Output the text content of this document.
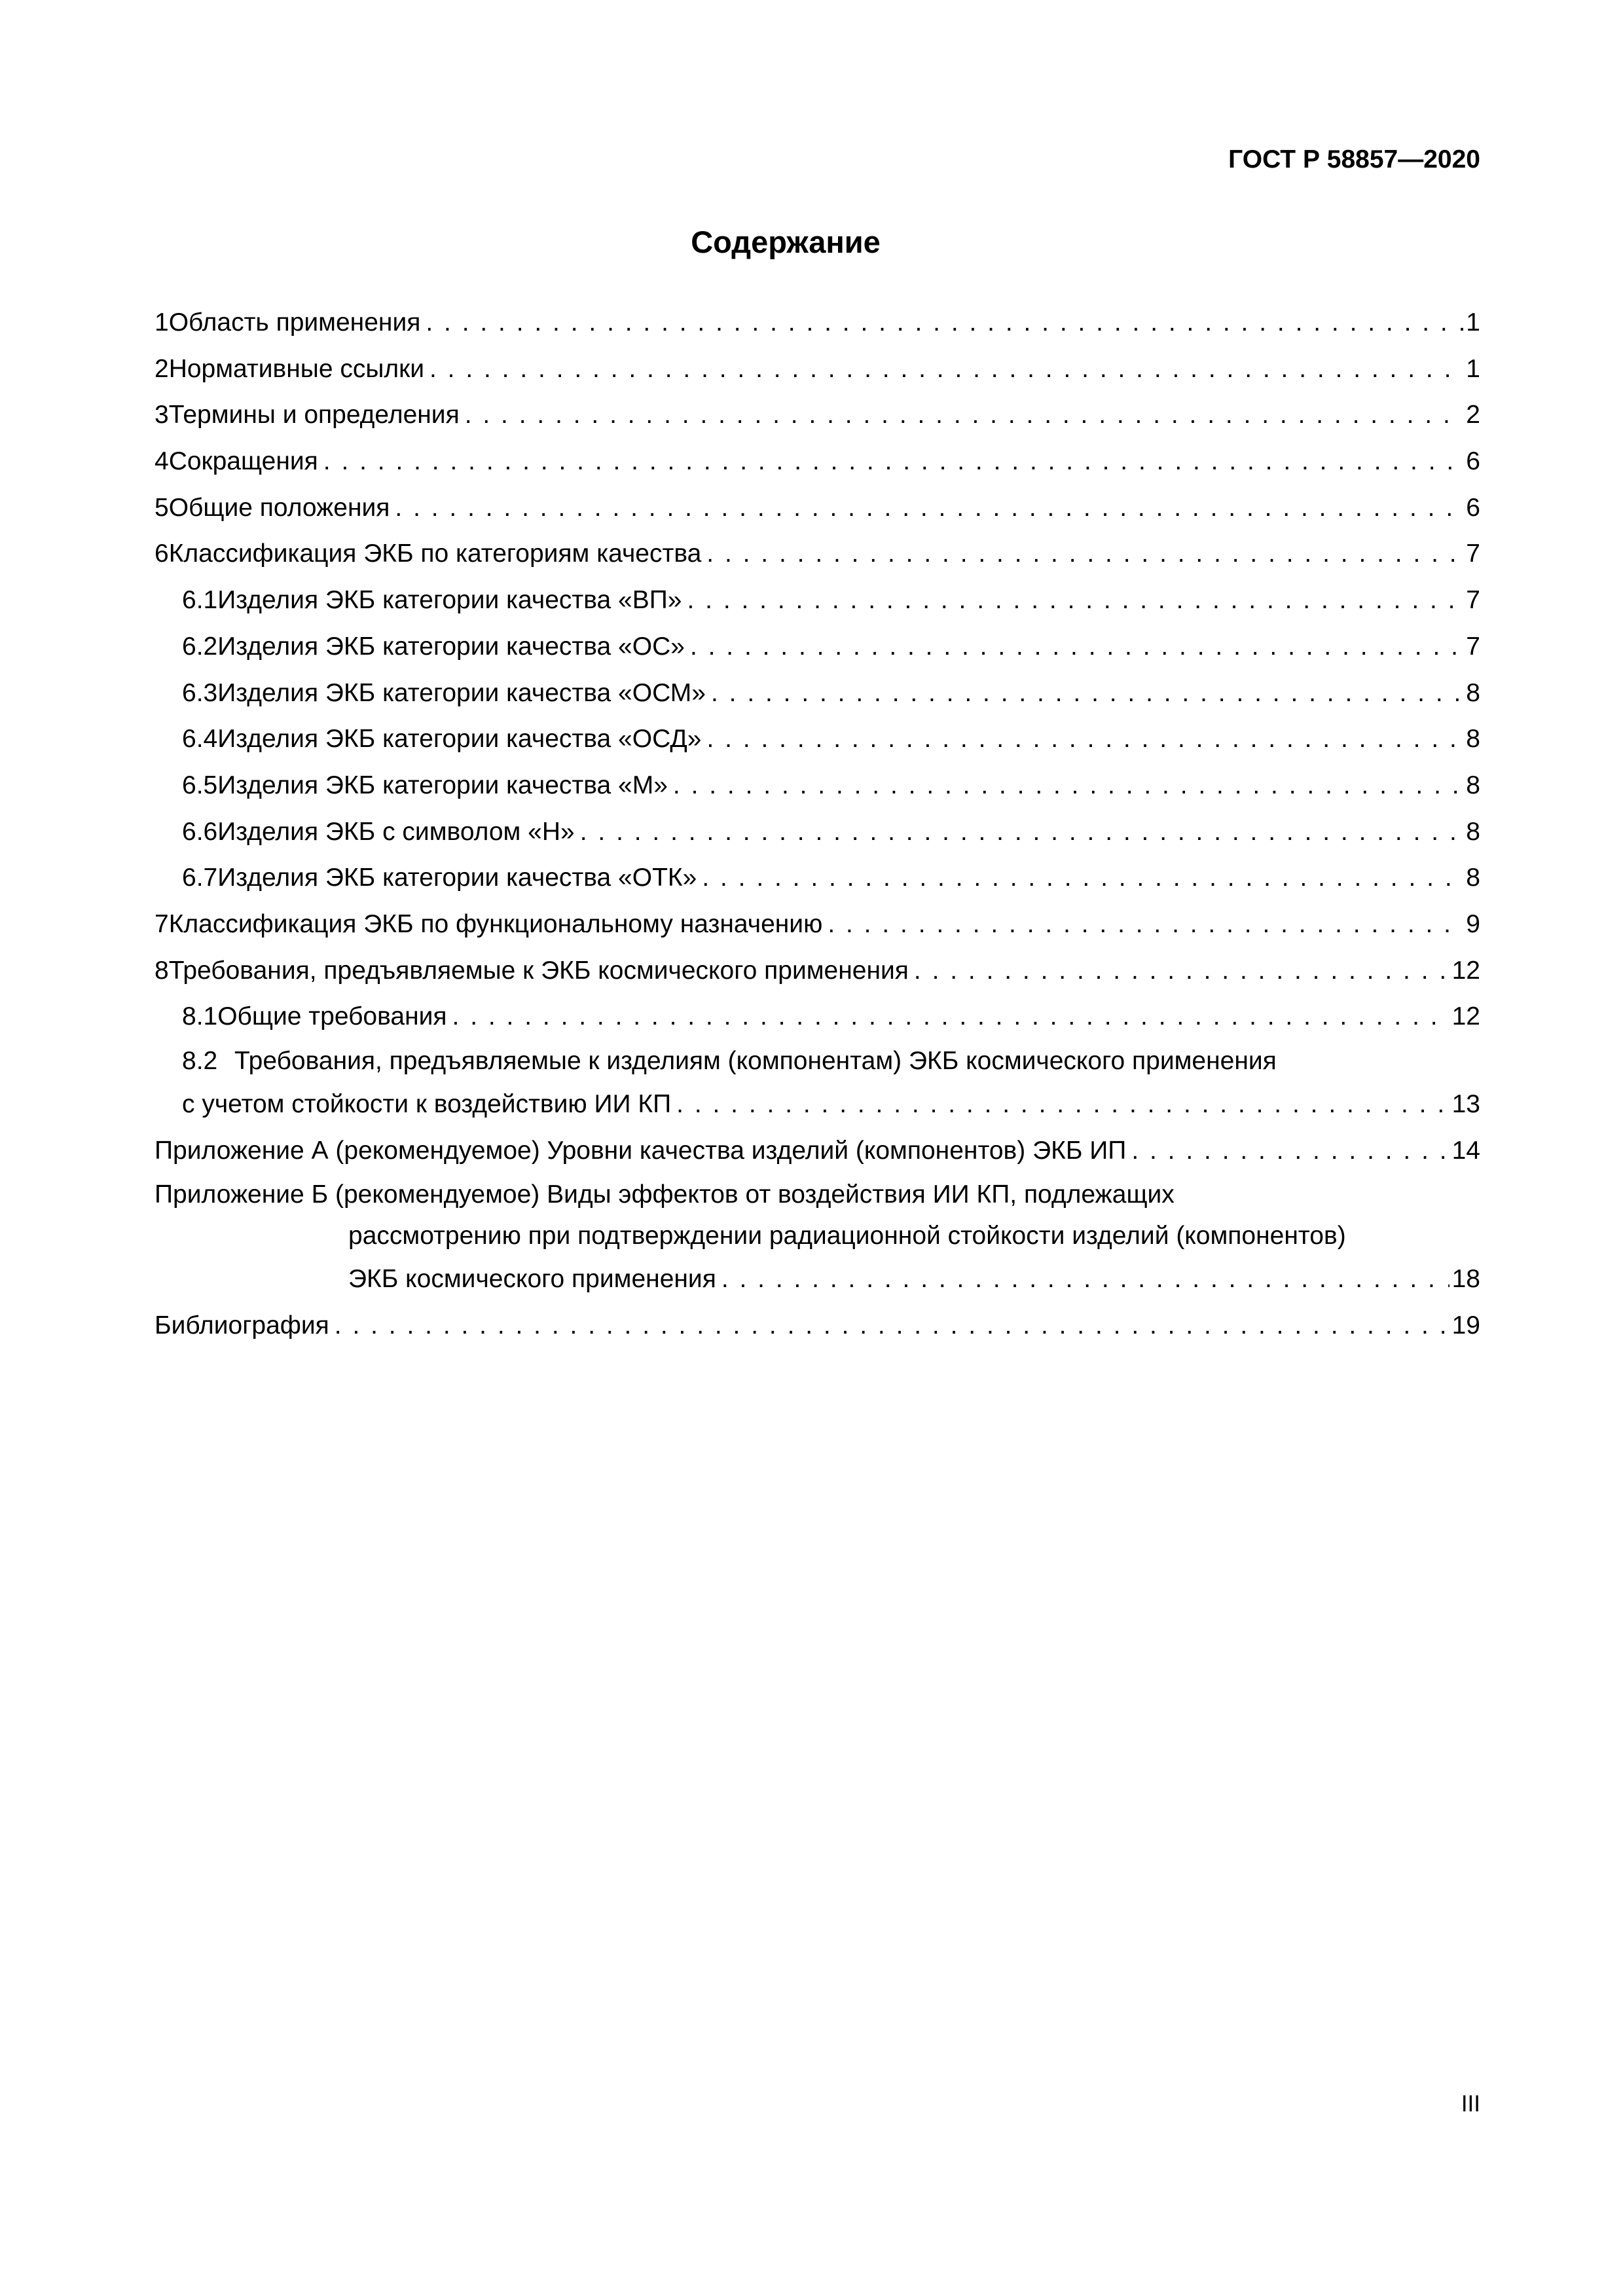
ГОСТ Р 58857—2020
Содержание
1 Область применения . . .	1
2 Нормативные ссылки . . .	1
3 Термины и определения . . .	2
4 Сокращения . . .	6
5 Общие положения . . .	6
6 Классификация ЭКБ по категориям качества . . .	7
6.1 Изделия ЭКБ категории качества «ВП» . . .	7
6.2 Изделия ЭКБ категории качества «ОС» . . .	7
6.3 Изделия ЭКБ категории качества «ОСМ» . . .	8
6.4 Изделия ЭКБ категории качества «ОСД» . . .	8
6.5 Изделия ЭКБ категории качества «М» . . .	8
6.6 Изделия ЭКБ с символом «Н» . . .	8
6.7 Изделия ЭКБ категории качества «ОТК» . . .	8
7 Классификация ЭКБ по функциональному назначению . . .	9
8 Требования, предъявляемые к ЭКБ космического применения . . .	12
8.1 Общие требования . . .	12
8.2 Требования, предъявляемые к изделиям (компонентам) ЭКБ космического применения
с учетом стойкости к воздействию ИИ КП . . .	13
Приложение А (рекомендуемое) Уровни качества изделий (компонентов) ЭКБ ИП . . .	14
Приложение Б (рекомендуемое) Виды эффектов от воздействия ИИ КП, подлежащих
рассмотрению при подтверждении радиационной стойкости изделий (компонентов)
ЭКБ космического применения . . .	18
Библиография . . .	19
III
